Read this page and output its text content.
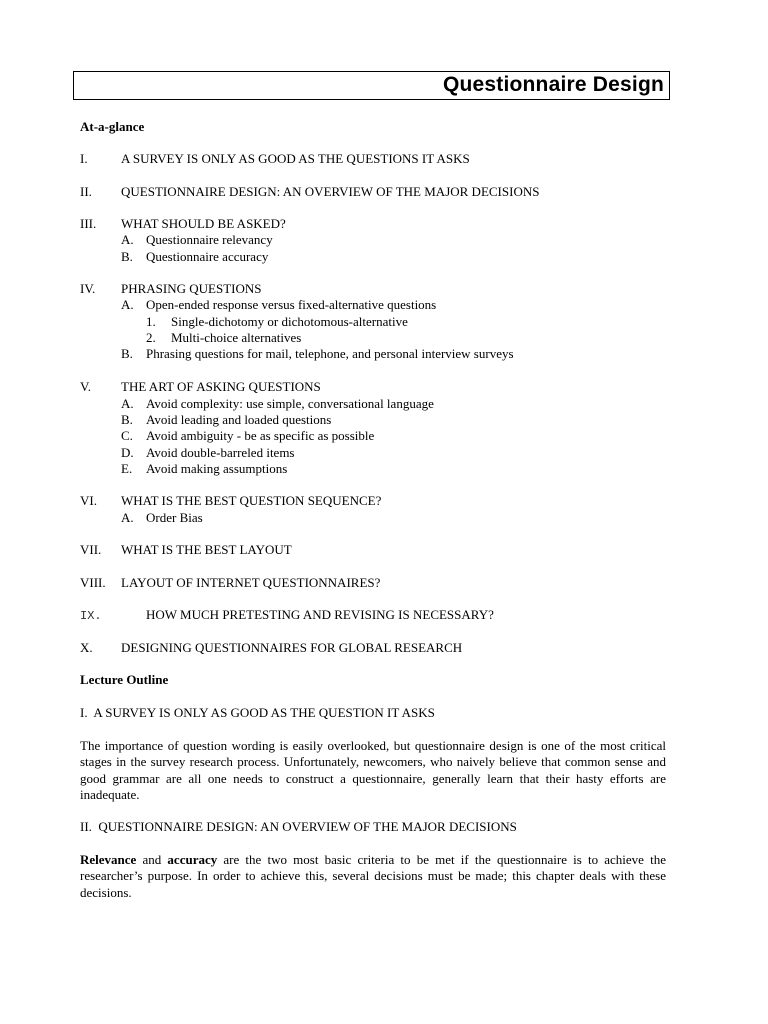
Questionnaire Design
At-a-glance
I.	A SURVEY IS ONLY AS GOOD AS THE QUESTIONS IT ASKS
II. QUESTIONNAIRE DESIGN: AN OVERVIEW OF THE MAJOR DECISIONS
III. WHAT SHOULD BE ASKED?
A. Questionnaire relevancy
B. Questionnaire accuracy
IV. PHRASING QUESTIONS
A. Open-ended response versus fixed-alternative questions
1. Single-dichotomy or dichotomous-alternative
2. Multi-choice alternatives
B. Phrasing questions for mail, telephone, and personal interview surveys
V. THE ART OF ASKING QUESTIONS
A. Avoid complexity: use simple, conversational language
B. Avoid leading and loaded questions
C. Avoid ambiguity - be as specific as possible
D. Avoid double-barreled items
E. Avoid making assumptions
VI. WHAT IS THE BEST QUESTION SEQUENCE?
A. Order Bias
VII. WHAT IS THE BEST LAYOUT
VIII. LAYOUT OF INTERNET QUESTIONNAIRES?
IX.	HOW MUCH PRETESTING AND REVISING IS NECESSARY?
X. DESIGNING QUESTIONNAIRES FOR GLOBAL RESEARCH
Lecture Outline
I.  A SURVEY IS ONLY AS GOOD AS THE QUESTION IT ASKS
The importance of question wording is easily overlooked, but questionnaire design is one of the most critical stages in the survey research process. Unfortunately, newcomers, who naively believe that common sense and good grammar are all one needs to construct a questionnaire, generally learn that their hasty efforts are inadequate.
II.  QUESTIONNAIRE DESIGN: AN OVERVIEW OF THE MAJOR DECISIONS
Relevance and accuracy are the two most basic criteria to be met if the questionnaire is to achieve the researcher’s purpose. In order to achieve this, several decisions must be made; this chapter deals with these decisions.
